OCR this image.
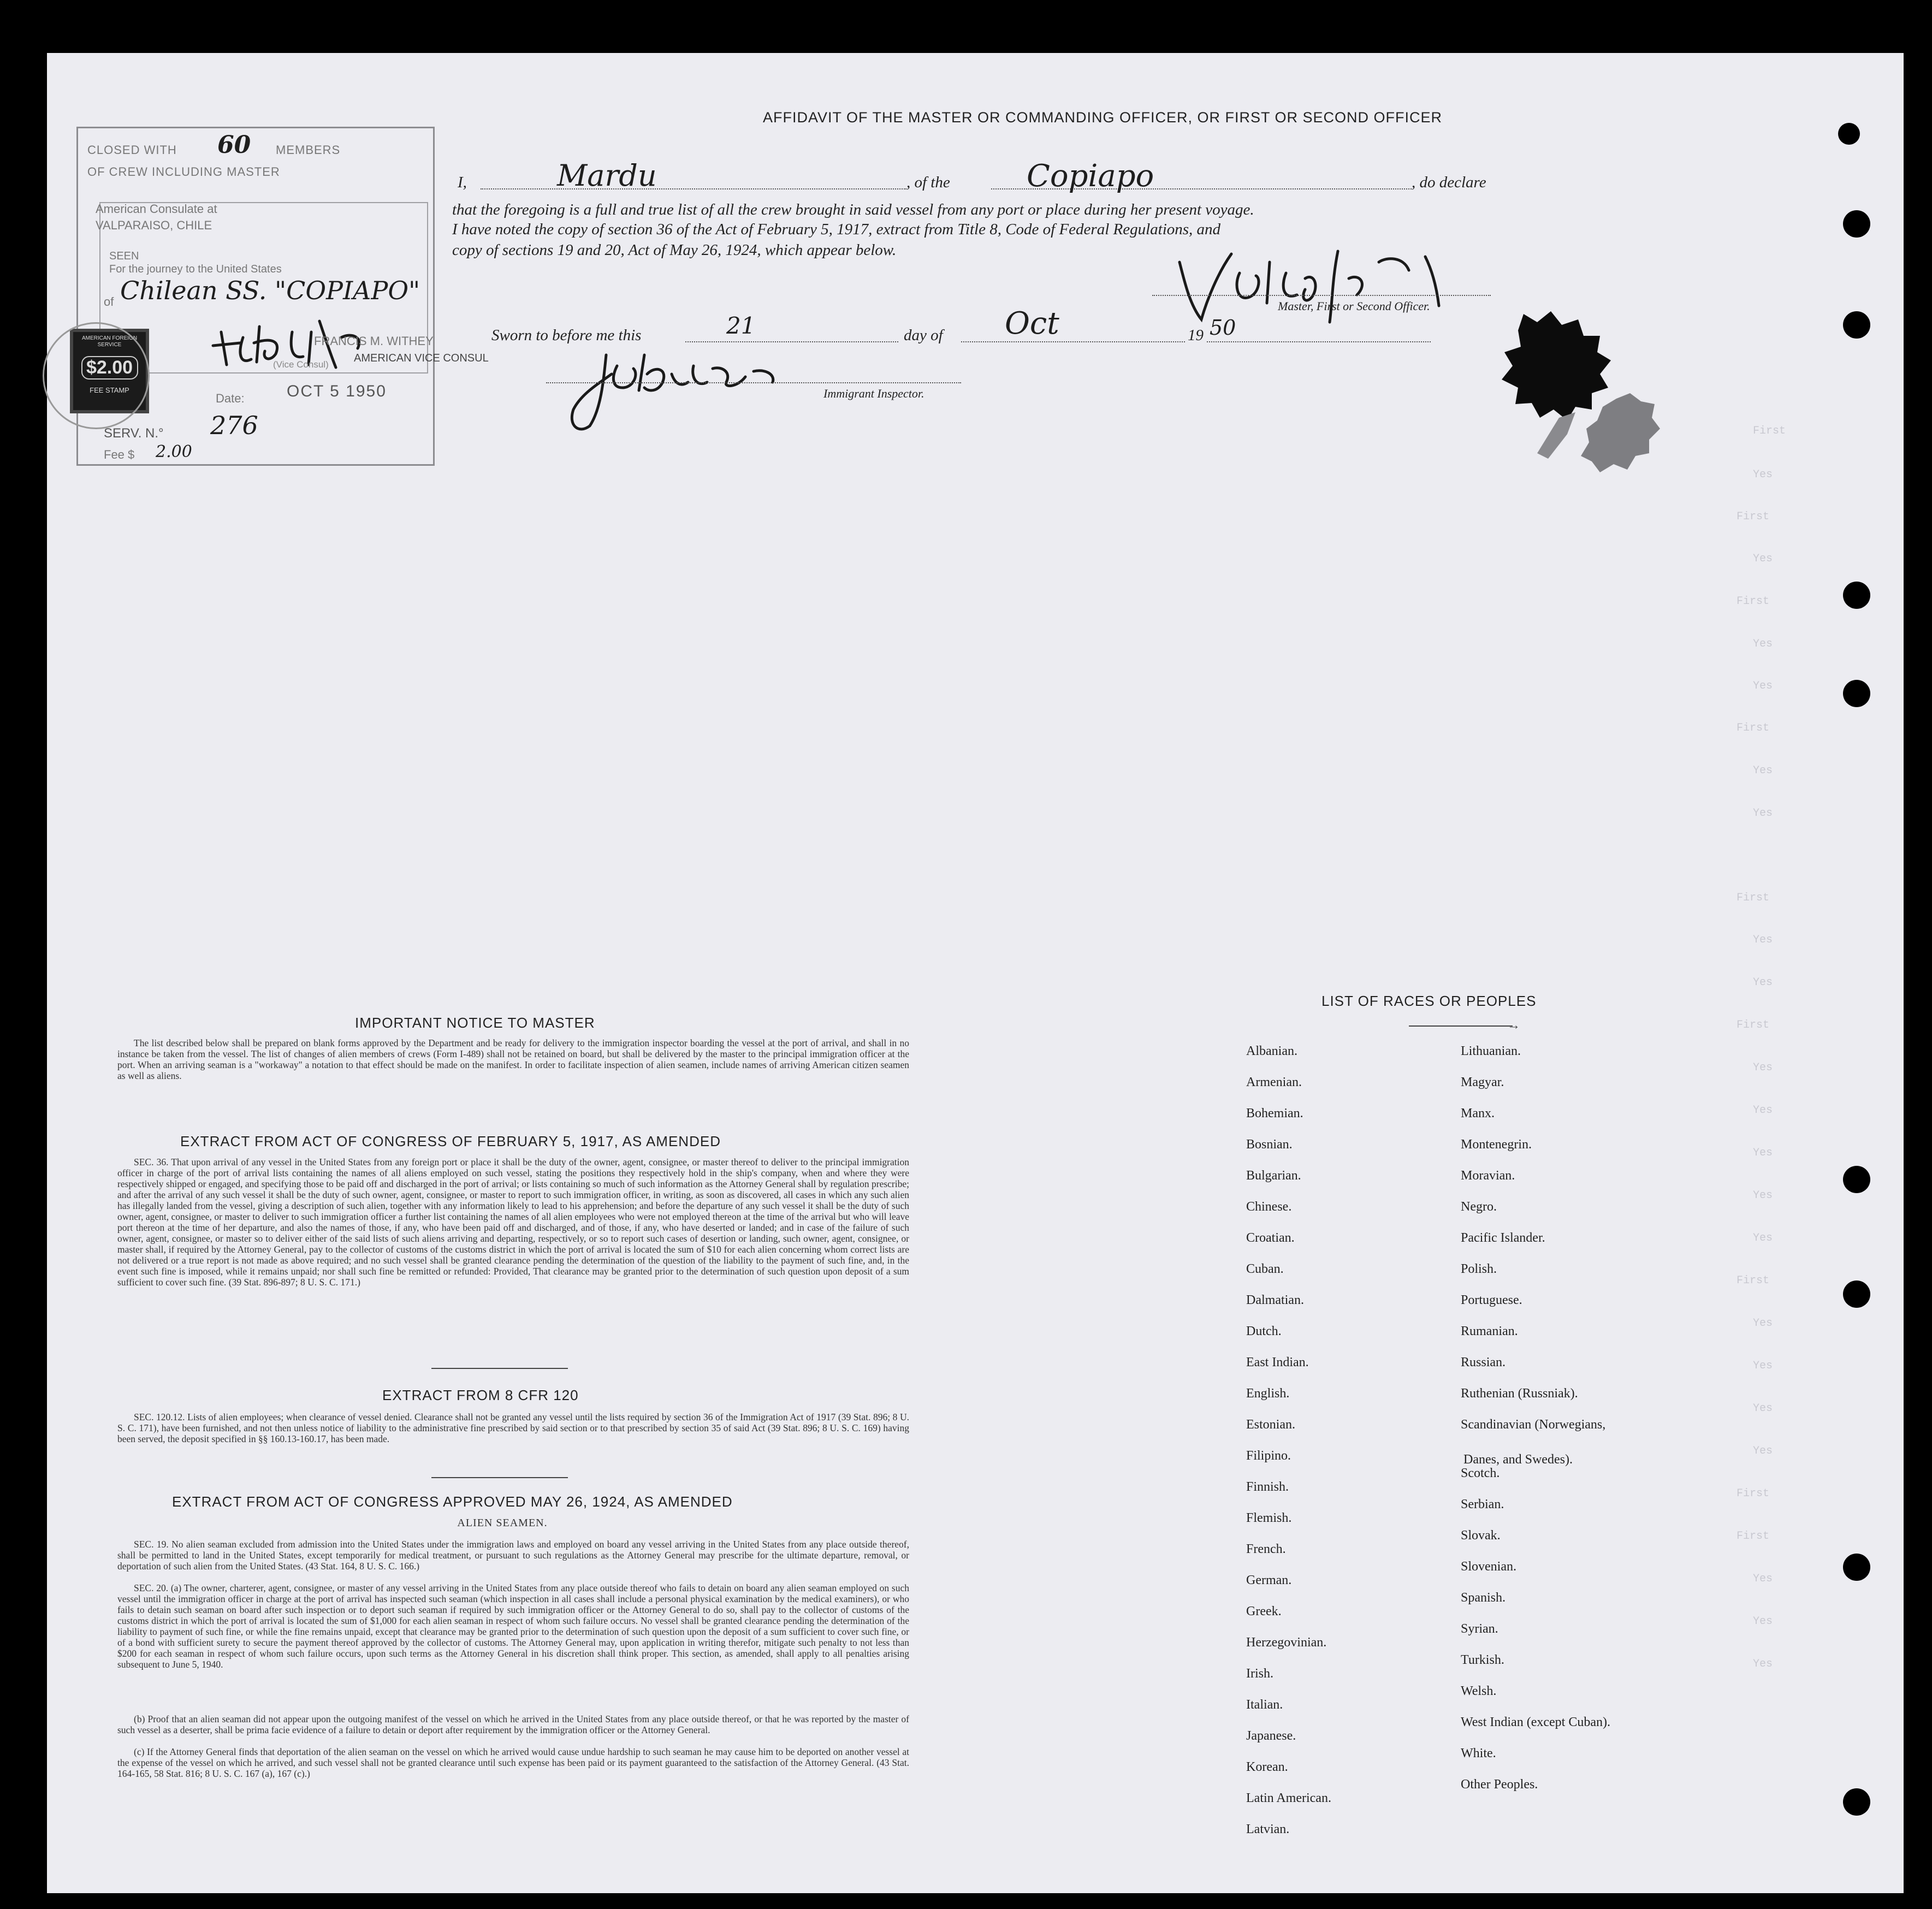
First
Yes
First
Yes
First
Yes
Yes
First
Yes
Yes
First
Yes
Yes
First
Yes
Yes
Yes
Yes
Yes
First
Yes
Yes
Yes
Yes
First
First
Yes
Yes
Yes
AFFIDAVIT OF THE MASTER OR COMMANDING OFFICER, OR FIRST OR SECOND OFFICER
I,	Mardu	, of the	Copiapo	, do declare
that the foregoing is a full and true list of all the crew brought in said vessel from any port or place during her present voyage.
I have noted the copy of section 36 of the Act of February 5, 1917, extract from Title 8, Code of Federal Regulations, and
copy of sections 19 and 20, Act of May 26, 1924, which appear below.
Master, First or Second Officer.
Sworn to before me this	21	day of Oct	19 50
Immigrant Inspector.
CLOSED WITH 60 MEMBERS
OF CREW INCLUDING MASTER
American Consulate at
VALPARAISO, CHILE
SEEN
For the journey to the United States
of Chilean SS. "COPIAPO"
FRANCIS M. WITHEY
AMERICAN VICE CONSUL
(Vice Consul)
Date:	OCT 5 1950
SERV. N.° 276
Fee $ 2.00
AMERICAN FOREIGN SERVICE
$2.00
FEE STAMP
IMPORTANT NOTICE TO MASTER
The list described below shall be prepared on blank forms approved by the Department and be ready for delivery to the immigration inspector boarding the vessel at the port of arrival, and shall in no instance be taken from the vessel. The list of changes of alien members of crews (Form I-489) shall not be retained on board, but shall be delivered by the master to the principal immigration officer at the port. When an arriving seaman is a "workaway" a notation to that effect should be made on the manifest. In order to facilitate inspection of alien seamen, include names of arriving American citizen seamen as well as aliens.
EXTRACT FROM ACT OF CONGRESS OF FEBRUARY 5, 1917, AS AMENDED
SEC. 36. That upon arrival of any vessel in the United States from any foreign port or place it shall be the duty of the owner, agent, consignee, or master thereof to deliver to the principal immigration officer in charge of the port of arrival lists containing the names of all aliens employed on such vessel, stating the positions they respectively hold in the ship's company, when and where they were respectively shipped or engaged, and specifying those to be paid off and discharged in the port of arrival; or lists containing so much of such information as the Attorney General shall by regulation prescribe; and after the arrival of any such vessel it shall be the duty of such owner, agent, consignee, or master to report to such immigration officer, in writing, as soon as discovered, all cases in which any such alien has illegally landed from the vessel, giving a description of such alien, together with any information likely to lead to his apprehension; and before the departure of any such vessel it shall be the duty of such owner, agent, consignee, or master to deliver to such immigration officer a further list containing the names of all alien employees who were not employed thereon at the time of the arrival but who will leave port thereon at the time of her departure, and also the names of those, if any, who have been paid off and discharged, and of those, if any, who have deserted or landed; and in case of the failure of such owner, agent, consignee, or master so to deliver either of the said lists of such aliens arriving and departing, respectively, or so to report such cases of desertion or landing, such owner, agent, consignee, or master shall, if required by the Attorney General, pay to the collector of customs of the customs district in which the port of arrival is located the sum of $10 for each alien concerning whom correct lists are not delivered or a true report is not made as above required; and no such vessel shall be granted clearance pending the determination of the question of the liability to the payment of such fine, and, in the event such fine is imposed, while it remains unpaid; nor shall such fine be remitted or refunded: Provided, That clearance may be granted prior to the determination of such question upon deposit of a sum sufficient to cover such fine. (39 Stat. 896-897; 8 U. S. C. 171.)
EXTRACT FROM 8 CFR 120
SEC. 120.12. Lists of alien employees; when clearance of vessel denied. Clearance shall not be granted any vessel until the lists required by section 36 of the Immigration Act of 1917 (39 Stat. 896; 8 U. S. C. 171), have been furnished, and not then unless notice of liability to the administrative fine prescribed by said section or to that prescribed by section 35 of said Act (39 Stat. 896; 8 U. S. C. 169) having been served, the deposit specified in §§ 160.13-160.17, has been made.
EXTRACT FROM ACT OF CONGRESS APPROVED MAY 26, 1924, AS AMENDED
ALIEN SEAMEN.
SEC. 19. No alien seaman excluded from admission into the United States under the immigration laws and employed on board any vessel arriving in the United States from any place outside thereof, shall be permitted to land in the United States, except temporarily for medical treatment, or pursuant to such regulations as the Attorney General may prescribe for the ultimate departure, removal, or deportation of such alien from the United States. (43 Stat. 164, 8 U. S. C. 166.)
SEC. 20. (a) The owner, charterer, agent, consignee, or master of any vessel arriving in the United States from any place outside thereof who fails to detain on board any alien seaman employed on such vessel until the immigration officer in charge at the port of arrival has inspected such seaman (which inspection in all cases shall include a personal physical examination by the medical examiners), or who fails to detain such seaman on board after such inspection or to deport such seaman if required by such immigration officer or the Attorney General to do so, shall pay to the collector of customs of the customs district in which the port of arrival is located the sum of $1,000 for each alien seaman in respect of whom such failure occurs. No vessel shall be granted clearance pending the determination of the liability to payment of such fine, or while the fine remains unpaid, except that clearance may be granted prior to the determination of such question upon the deposit of a sum sufficient to cover such fine, or of a bond with sufficient surety to secure the payment thereof approved by the collector of customs. The Attorney General may, upon application in writing therefor, mitigate such penalty to not less than $200 for each seaman in respect of whom such failure occurs, upon such terms as the Attorney General in his discretion shall think proper. This section, as amended, shall apply to all penalties arising subsequent to June 5, 1940.
(b) Proof that an alien seaman did not appear upon the outgoing manifest of the vessel on which he arrived in the United States from any place outside thereof, or that he was reported by the master of such vessel as a deserter, shall be prima facie evidence of a failure to detain or deport after requirement by the immigration officer or the Attorney General.
(c) If the Attorney General finds that deportation of the alien seaman on the vessel on which he arrived would cause undue hardship to such seaman he may cause him to be deported on another vessel at the expense of the vessel on which he arrived, and such vessel shall not be granted clearance until such expense has been paid or its payment guaranteed to the satisfaction of the Attorney General. (43 Stat. 164-165, 58 Stat. 816; 8 U. S. C. 167 (a), 167 (c).)
LIST OF RACES OR PEOPLES
→
Albanian.
Armenian.
Bohemian.
Bosnian.
Bulgarian.
Chinese.
Croatian.
Cuban.
Dalmatian.
Dutch.
East Indian.
English.
Estonian.
Filipino.
Finnish.
Flemish.
French.
German.
Greek.
Herzegovinian.
Irish.
Italian.
Japanese.
Korean.
Latin American.
Latvian.
Lithuanian.
Magyar.
Manx.
Montenegrin.
Moravian.
Negro.
Pacific Islander.
Polish.
Portuguese.
Rumanian.
Russian.
Ruthenian (Russniak).
Scandinavian (Norwegians,
Danes, and Swedes).
Scotch.
Serbian.
Slovak.
Slovenian.
Spanish.
Syrian.
Turkish.
Welsh.
West Indian (except Cuban).
White.
Other Peoples.
